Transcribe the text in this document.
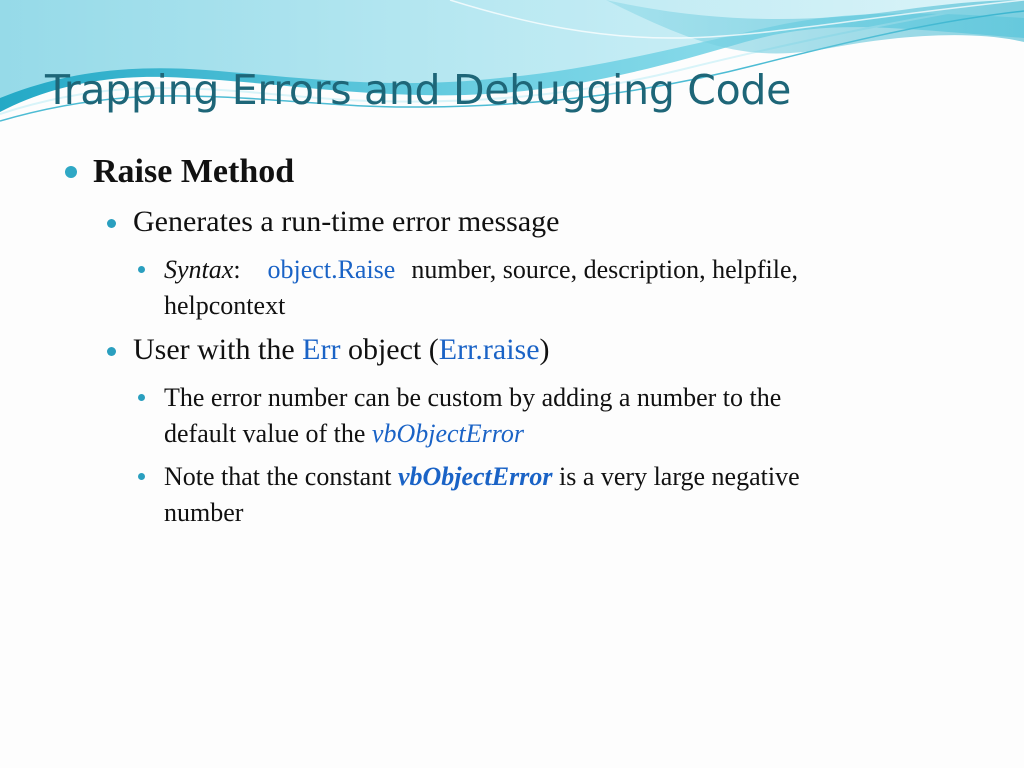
Trapping Errors and Debugging Code
Raise Method
Generates a run-time error message
Syntax: object.Raise number, source, description, helpfile,
helpcontext
User with the Err object (Err.raise)
The error number can be custom by adding a number to the
default value of the vbObjectError
Note that the constant vbObjectError is a very large negative
number
